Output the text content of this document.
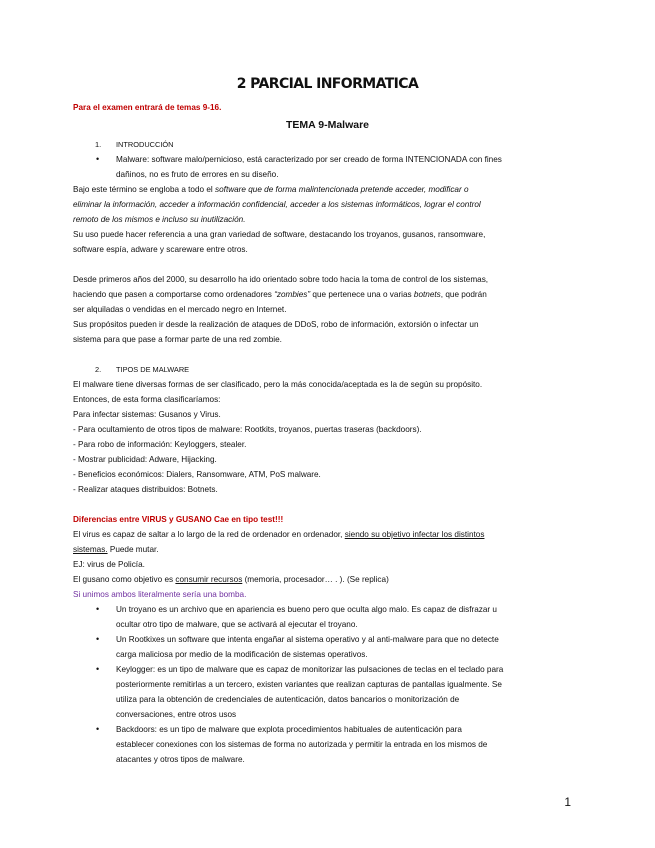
2 PARCIAL INFORMATICA
Para el examen entrará de temas 9-16.
TEMA 9-Malware
1. INTRODUCCIÓN
• Malware: software malo/pernicioso, está caracterizado por ser creado de forma INTENCIONADA con fines
dañinos, no es fruto de errores en su diseño.
Bajo este término se engloba a todo el software que de forma malintencionada pretende acceder, modificar o
eliminar la información, acceder a información confidencial, acceder a los sistemas informáticos, lograr el control
remoto de los mismos e incluso su inutilización.
Su uso puede hacer referencia a una gran variedad de software, destacando los troyanos, gusanos, ransomware,
software espía, adware y scareware entre otros.
Desde primeros años del 2000, su desarrollo ha ido orientado sobre todo hacia la toma de control de los sistemas,
haciendo que pasen a comportarse como ordenadores “zombies” que pertenece una o varias botnets, que podrán
ser alquiladas o vendidas en el mercado negro en Internet.
Sus propósitos pueden ir desde la realización de ataques de DDoS, robo de información, extorsión o infectar un
sistema para que pase a formar parte de una red zombie.
2. TIPOS DE MALWARE
El malware tiene diversas formas de ser clasificado, pero la más conocida/aceptada es la de según su propósito.
Entonces, de esta forma clasificaríamos:
Para infectar sistemas: Gusanos y Virus.
- Para ocultamiento de otros tipos de malware: Rootkits, troyanos, puertas traseras (backdoors).
- Para robo de información: Keyloggers, stealer.
- Mostrar publicidad: Adware, Hijacking.
- Beneficios económicos: Dialers, Ransomware, ATM, PoS malware.
- Realizar ataques distribuidos: Botnets.
Diferencias entre VIRUS y GUSANO Cae en tipo test!!!
El virus es capaz de saltar a lo largo de la red de ordenador en ordenador, siendo su objetivo infectar los distintos
sistemas. Puede mutar.
EJ: virus de Policía.
El gusano como objetivo es consumir recursos (memoria, procesador… . ). (Se replica)
Si unimos ambos literalmente sería una bomba.
• Un troyano es un archivo que en apariencia es bueno pero que oculta algo malo. Es capaz de disfrazar u
ocultar otro tipo de malware, que se activará al ejecutar el troyano.
• Un Rootkixes un software que intenta engañar al sistema operativo y al anti-malware para que no detecte
carga maliciosa por medio de la modificación de sistemas operativos.
• Keylogger: es un tipo de malware que es capaz de monitorizar las pulsaciones de teclas en el teclado para
posteriormente remitirlas a un tercero, existen variantes que realizan capturas de pantallas igualmente. Se
utiliza para la obtención de credenciales de autenticación, datos bancarios o monitorización de
conversaciones, entre otros usos
• Backdoors: es un tipo de malware que explota procedimientos habituales de autenticación para
establecer conexiones con los sistemas de forma no autorizada y permitir la entrada en los mismos de
atacantes y otros tipos de malware.
1
